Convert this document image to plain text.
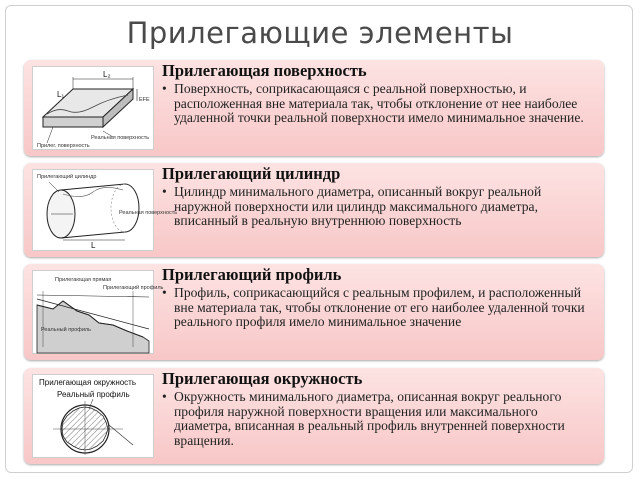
Прилегающие элементы
L₂
L₁
EFE
Реальная поверхность
Прилег. поверхность
Прилегающая поверхность

• Поверхность, соприкасающаяся с реальной поверхностью, и расположенная вне материала так, чтобы отклонение от нее наиболее удаленной точки реальной поверхности имело минимальное значение.

Прилегающий цилиндр
Реальная поверхность
L
Прилегающий цилиндр

• Цилиндр минимального диаметра, описанный вокруг реальной наружной поверхности или цилиндр максимального диаметра, вписанный в реальную внутреннюю поверхность

Прилегающая прямая
Прилегающий профиль
Реальный профиль
Прилегающий профиль

• Профиль, соприкасающийся с реальным профилем, и расположенный вне материала так, чтобы отклонение от его наиболее удаленной точки реального профиля имело минимальное значение

Прилегающая окружность
Реальный профиль
Прилегающая окружность

• Окружность минимального диаметра, описанная вокруг реального профиля наружной поверхности вращения или максимального диаметра, вписанная в реальный профиль внутренней поверхности вращения.
